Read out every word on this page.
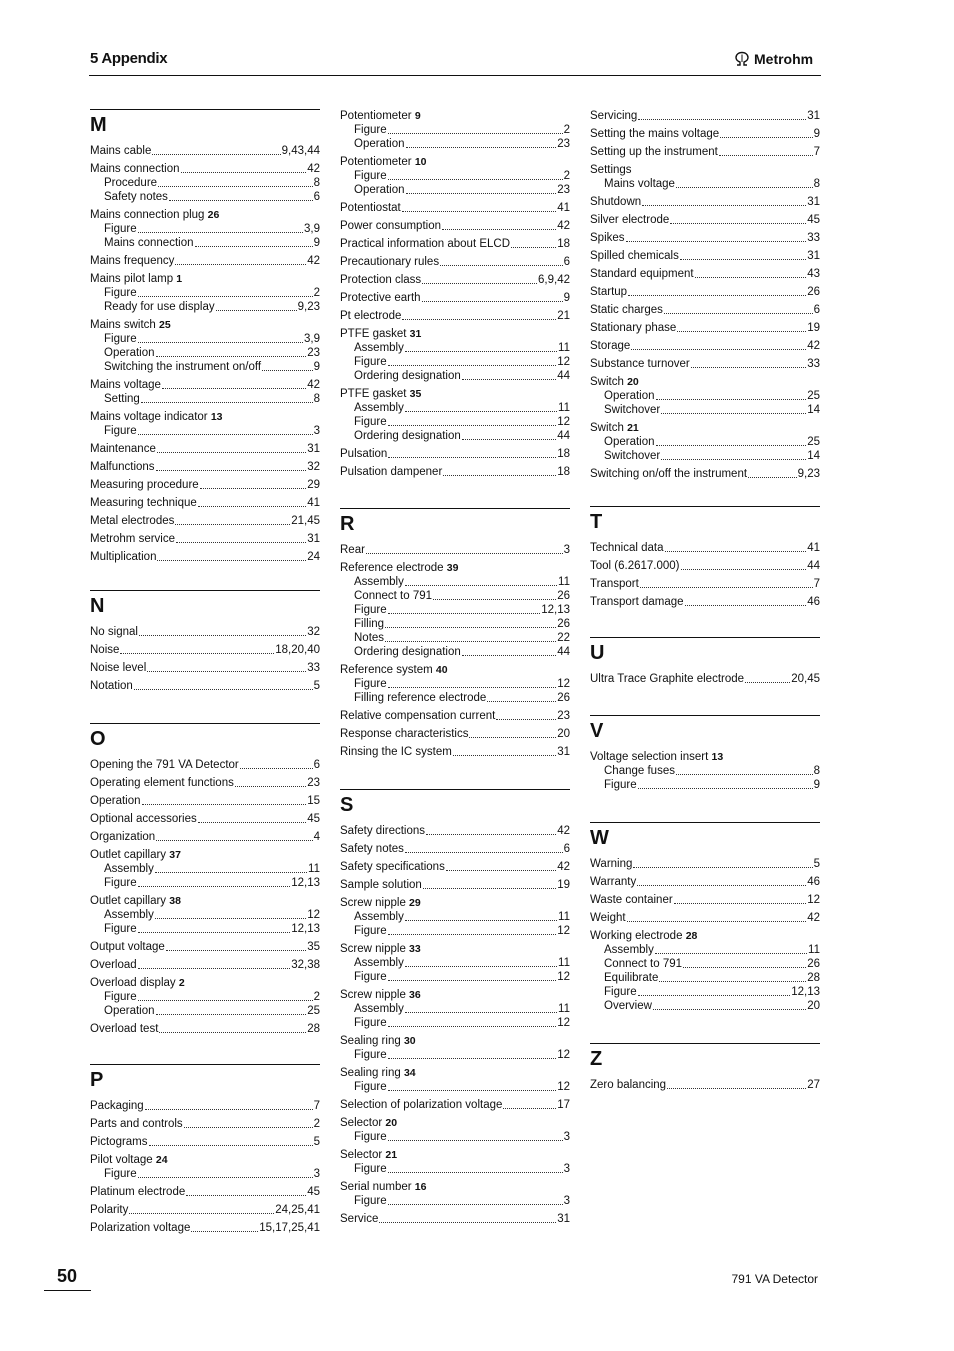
5 Appendix	Metrohm
M
Mains cable	9,43,44
Mains connection	42
Procedure	8
Safety notes	6
Mains connection plug 26
Figure	3,9
Mains connection	9
Mains frequency	42
Mains pilot lamp 1
Figure	2
Ready for use display	9,23
Mains switch 25
Figure	3,9
Operation	23
Switching the instrument on/off	9
Mains voltage	42
Setting	8
Mains voltage indicator 13
Figure	3
Maintenance	31
Malfunctions	32
Measuring procedure	29
Measuring technique	41
Metal electrodes	21,45
Metrohm service	31
Multiplication	24
N
No signal	32
Noise	18,20,40
Noise level	33
Notation	5
O
Opening the 791 VA Detector	6
Operating element functions	23
Operation	15
Optional accessories	45
Organization	4
Outlet capillary 37
Assembly	11
Figure	12,13
Outlet capillary 38
Assembly	12
Figure	12,13
Output voltage	35
Overload	32,38
Overload display 2
Figure	2
Operation	25
Overload test	28
P
Packaging	7
Parts and controls	2
Pictograms	5
Pilot voltage 24
Figure	3
Platinum electrode	45
Polarity	24,25,41
Polarization voltage	15,17,25,41
Potentiometer 9
Figure	2
Operation	23
Potentiometer 10
Figure	2
Operation	23
Potentiostat	41
Power consumption	42
Practical information about ELCD	18
Precautionary rules	6
Protection class	6,9,42
Protective earth	9
Pt electrode	21
PTFE gasket 31
Assembly	11
Figure	12
Ordering designation	44
PTFE gasket 35
Assembly	11
Figure	12
Ordering designation	44
Pulsation	18
Pulsation dampener	18
R
Rear	3
Reference electrode 39
Assembly	11
Connect to 791	26
Figure	12,13
Filling	26
Notes	22
Ordering designation	44
Reference system 40
Figure	12
Filling reference electrode	26
Relative compensation current	23
Response characteristics	20
Rinsing the IC system	31
S
Safety directions	42
Safety notes	6
Safety specifications	42
Sample solution	19
Screw nipple 29
Assembly	11
Figure	12
Screw nipple 33
Assembly	11
Figure	12
Screw nipple 36
Assembly	11
Figure	12
Sealing ring 30
Figure	12
Sealing ring 34
Figure	12
Selection of polarization voltage	17
Selector 20
Figure	3
Selector 21
Figure	3
Serial number 16
Figure	3
Service	31
Servicing	31
Setting the mains voltage	9
Setting up the instrument	7
Settings
Mains voltage	8
Shutdown	31
Silver electrode	45
Spikes	33
Spilled chemicals	31
Standard equipment	43
Startup	26
Static charges	6
Stationary phase	19
Storage	42
Substance turnover	33
Switch 20
Operation	25
Switchover	14
Switch 21
Operation	25
Switchover	14
Switching on/off the instrument	9,23
T
Technical data	41
Tool (6.2617.000)	44
Transport	7
Transport damage	46
U
Ultra Trace Graphite electrode	20,45
V
Voltage selection insert 13
Change fuses	8
Figure	9
W
Warning	5
Warranty	46
Waste container	12
Weight	42
Working electrode 28
Assembly	11
Connect to 791	26
Equilibrate	28
Figure	12,13
Overview	20
Z
Zero balancing	27
50	791 VA Detector
